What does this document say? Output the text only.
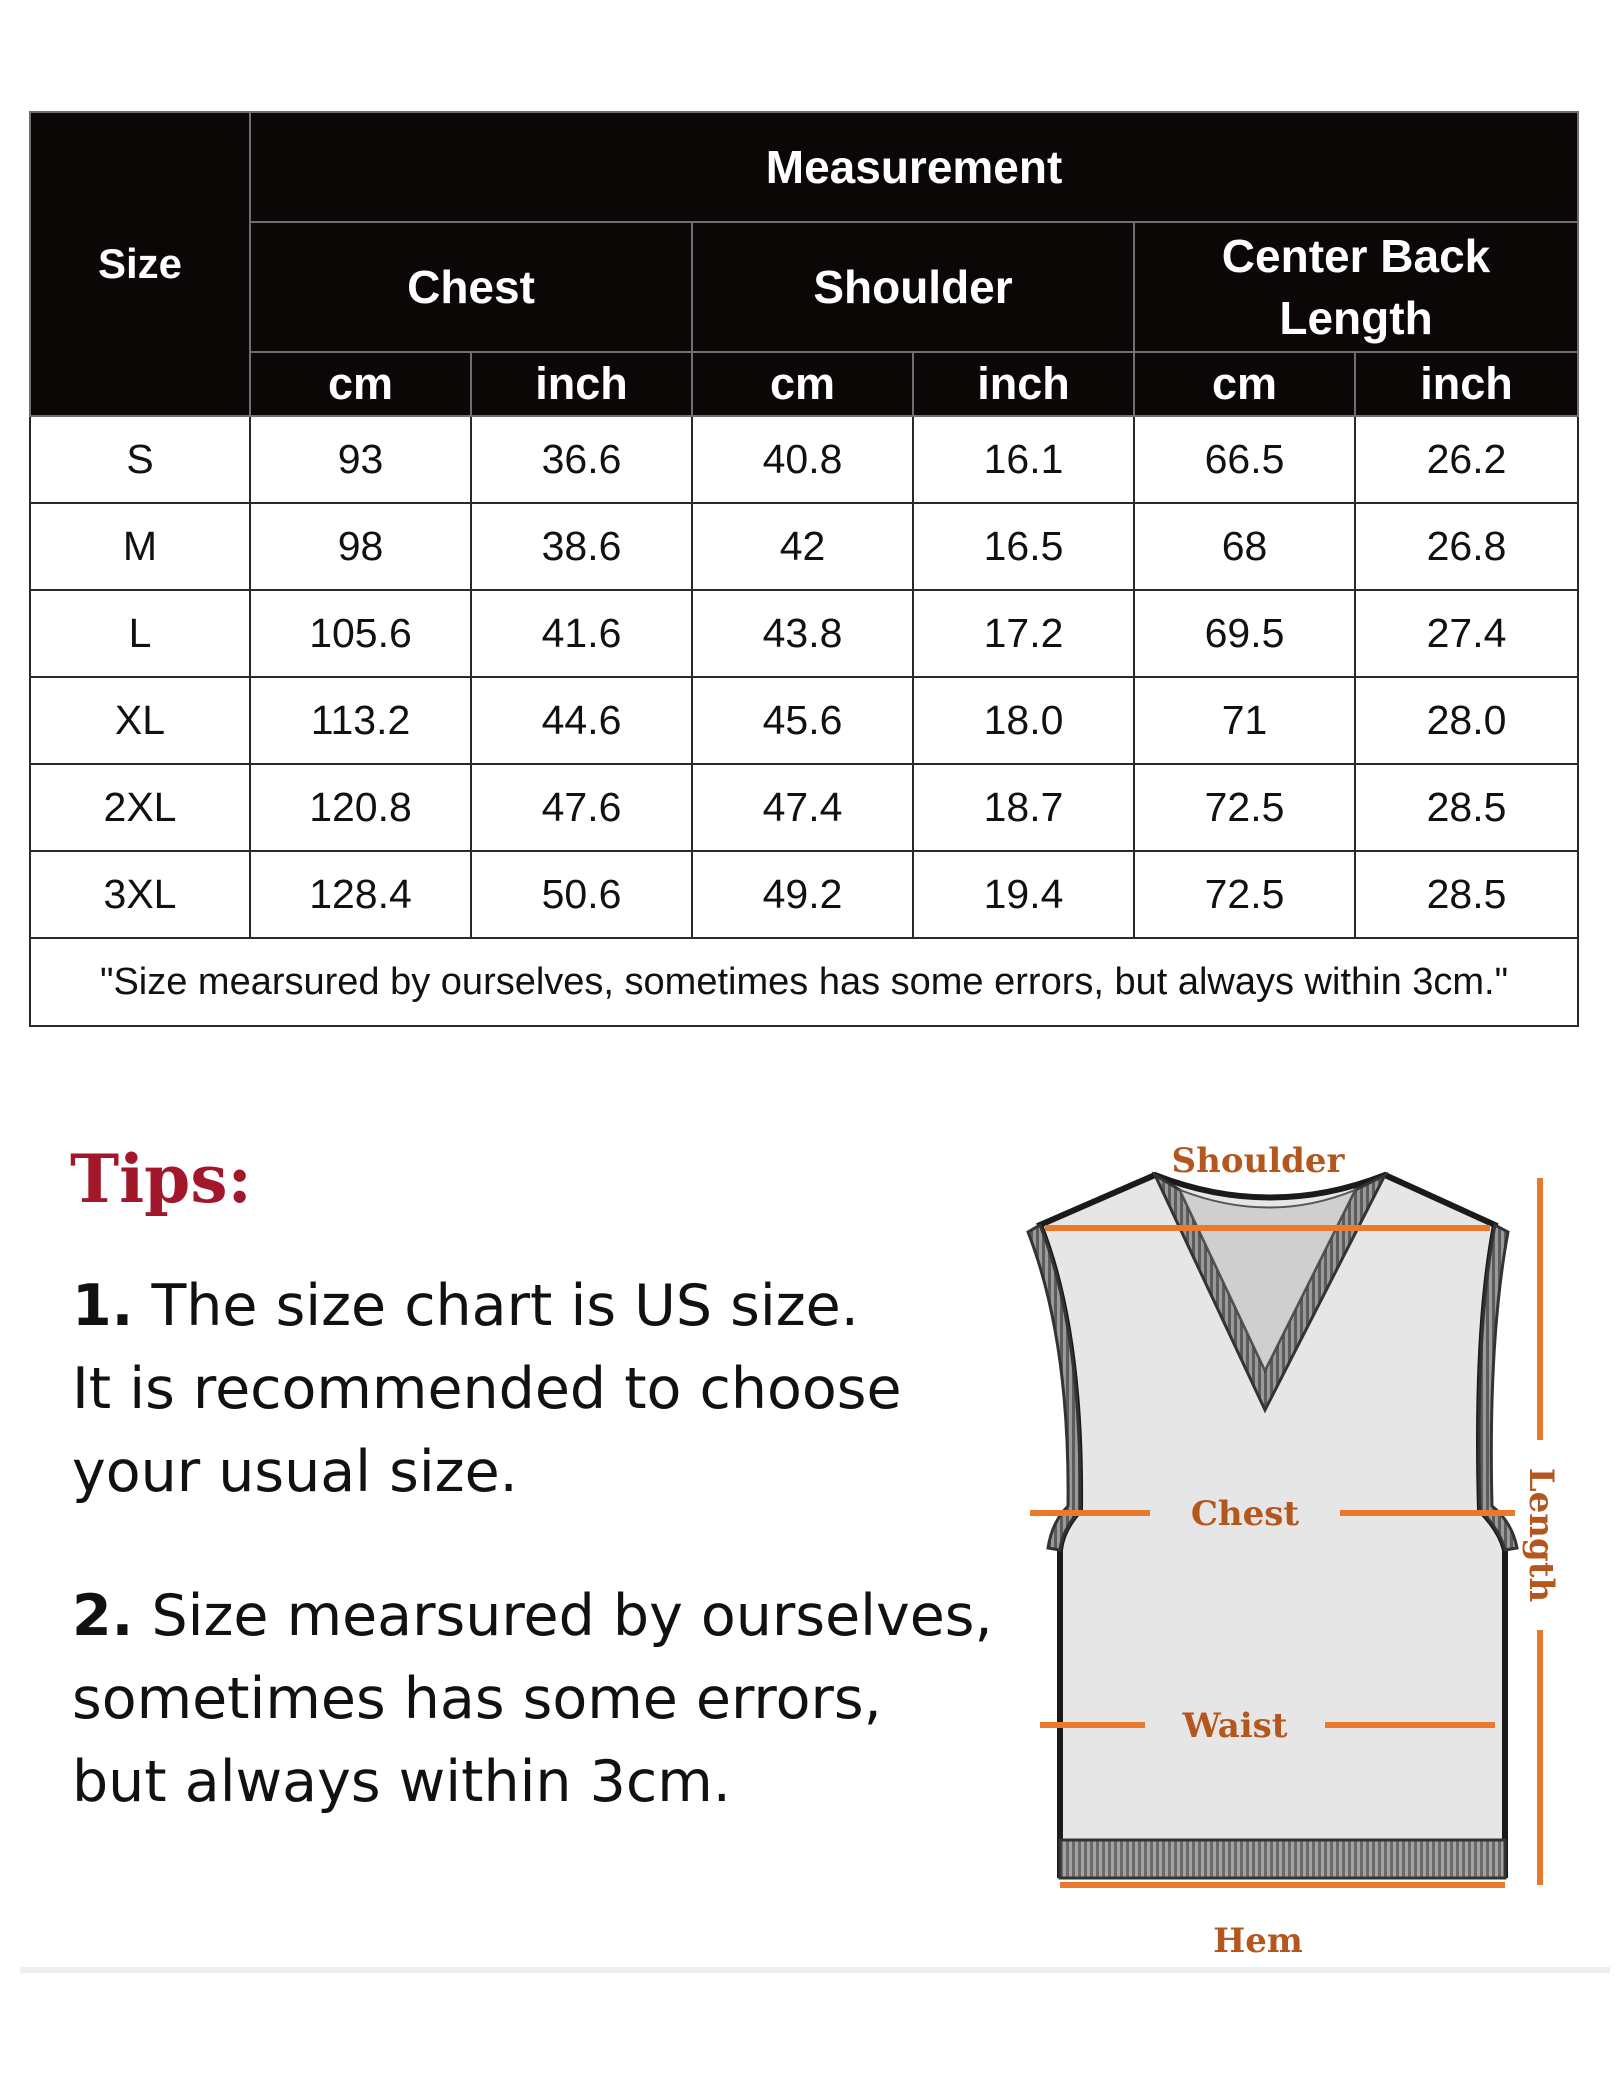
Size	Measurement					
	Chest		Shoulder		Center Back Length	
	cm	inch	cm	inch	cm	inch
S	93	36.6	40.8	16.1	66.5	26.2
M	98	38.6	42	16.5	68	26.8
L	105.6	41.6	43.8	17.2	69.5	27.4
XL	113.2	44.6	45.6	18.0	71	28.0
2XL	120.8	47.6	47.4	18.7	72.5	28.5
3XL	128.4	50.6	49.2	19.4	72.5	28.5
"Size mearsured by ourselves, sometimes has some errors, but always within 3cm."						
Tips:

1. The size chart is US size.
It is recommended to choose
your usual size.

2. Size mearsured by ourselves,
sometimes has some errors,
but always within 3cm.

Shoulder
Chest
Waist
Hem
Length
